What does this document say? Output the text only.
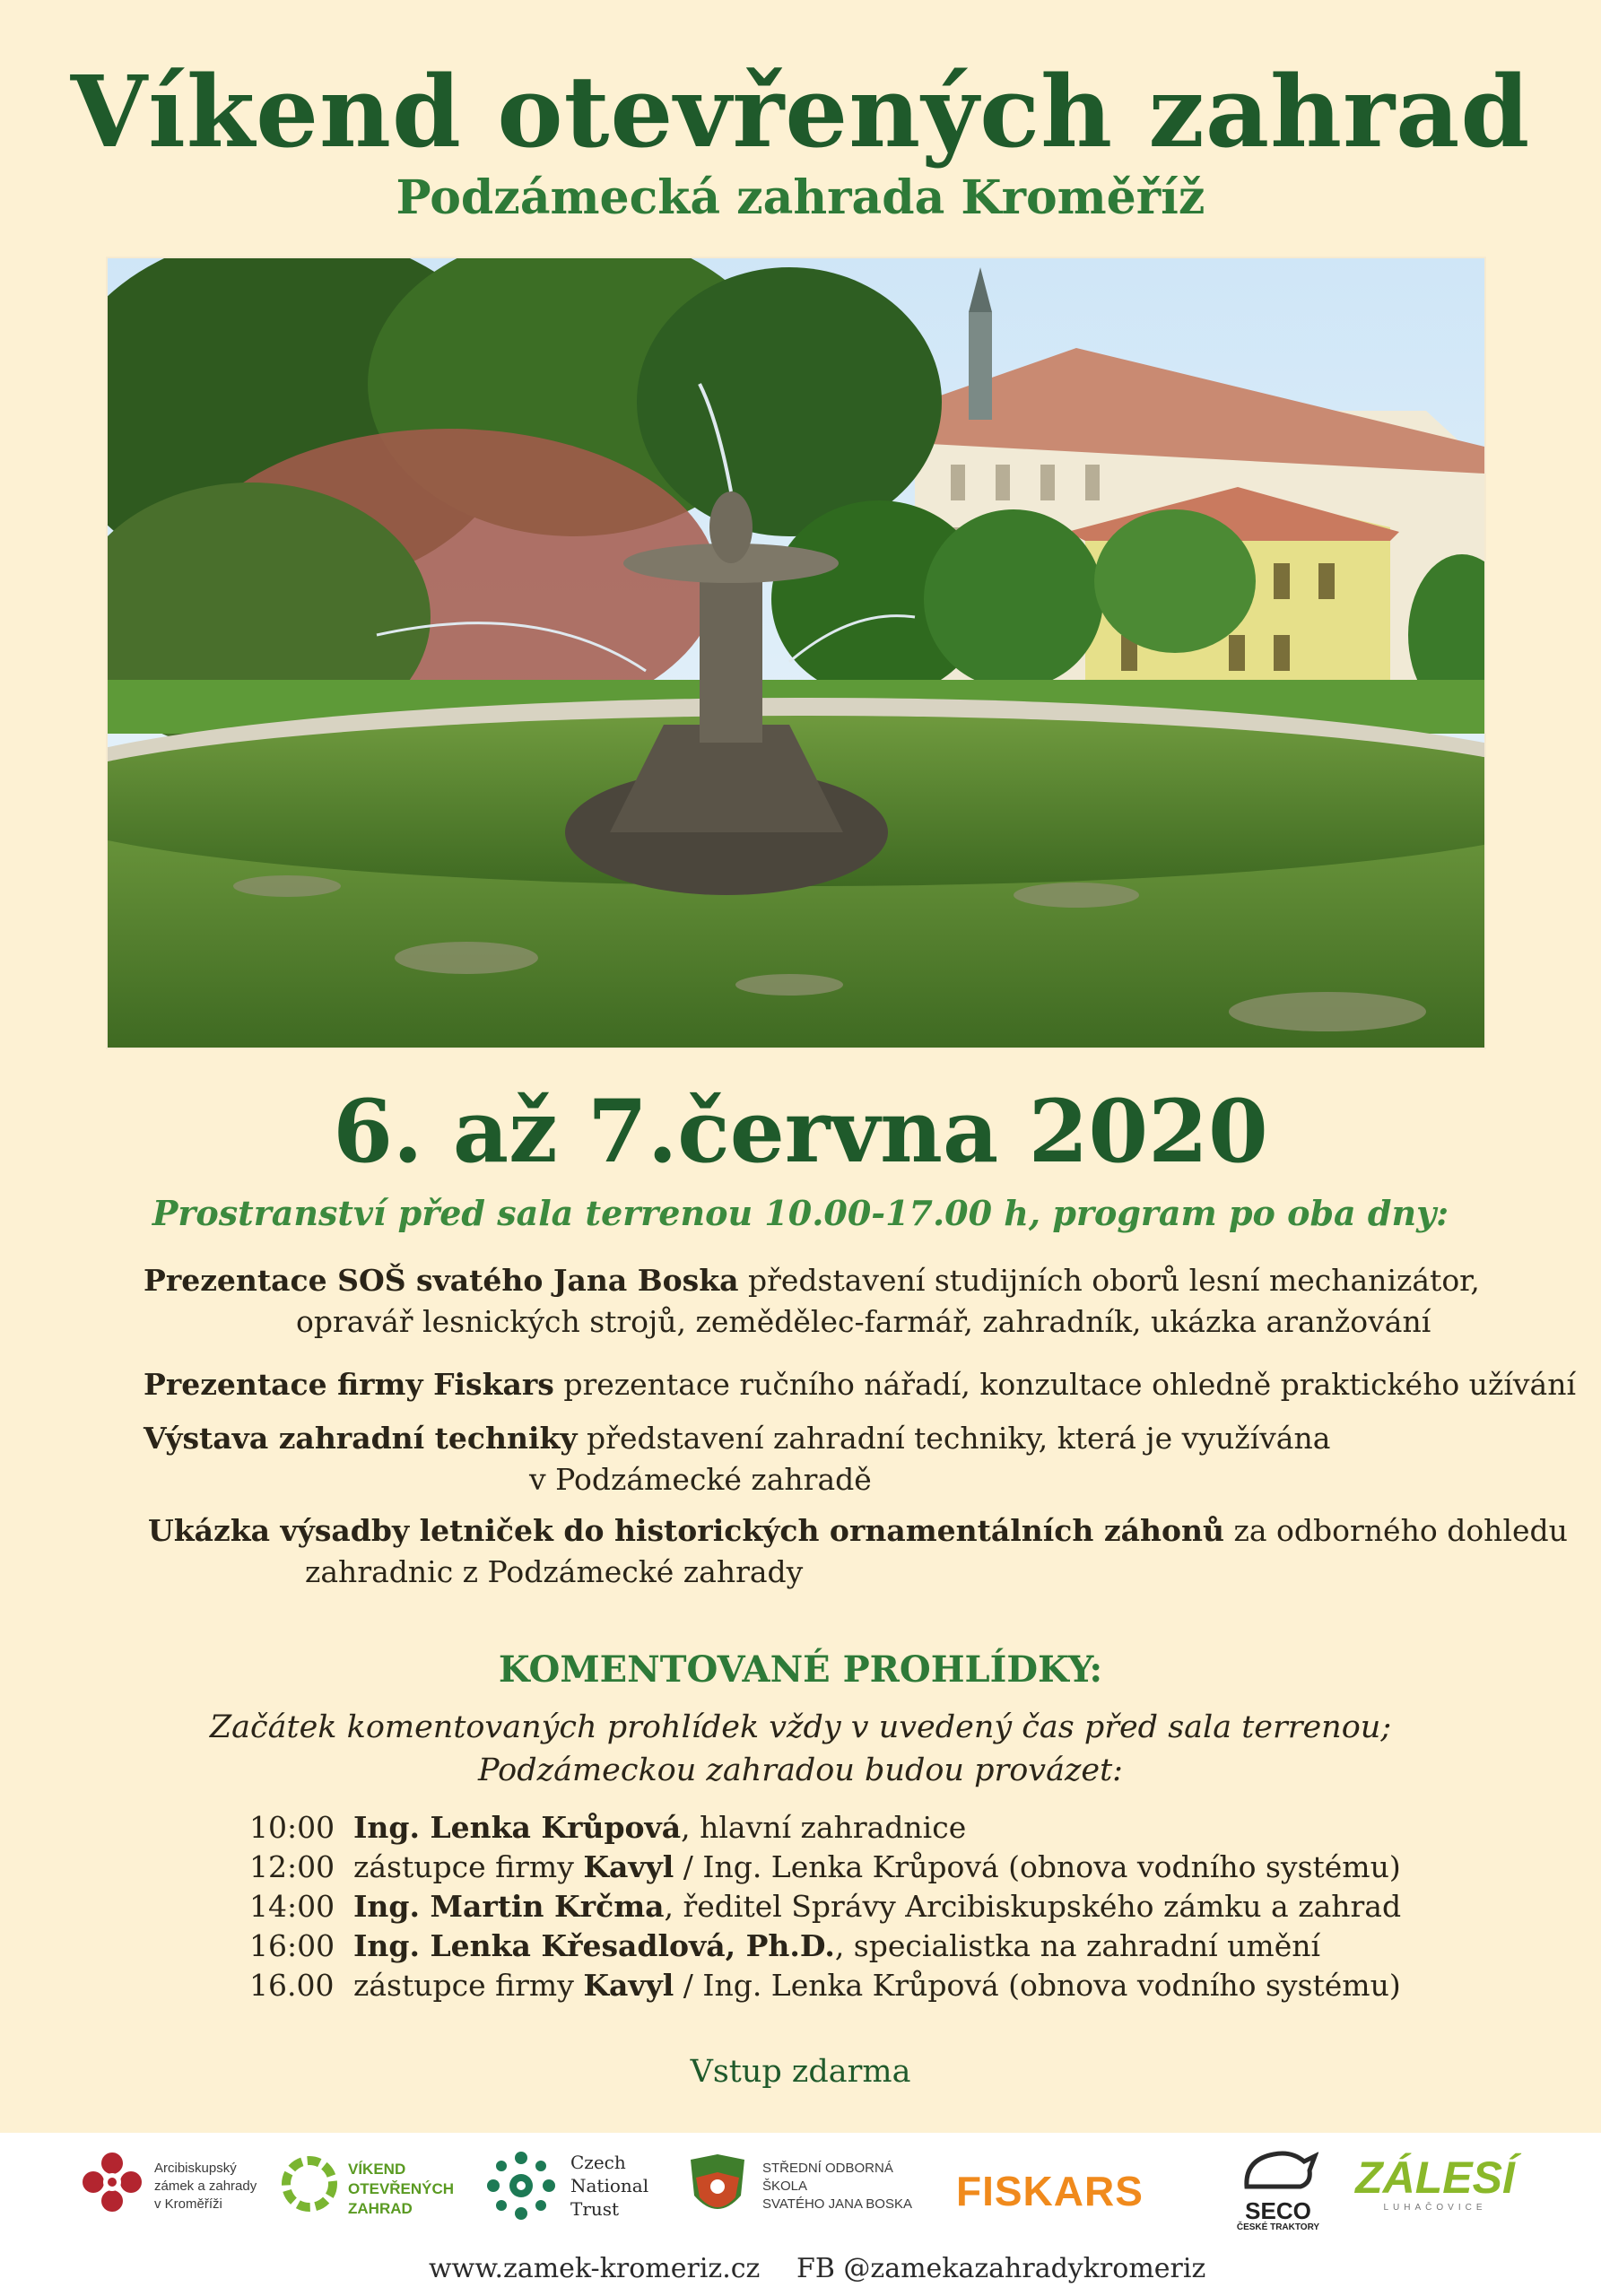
Víkend otevřených zahrad
Podzámecká zahrada Kroměříž
6. až 7.června 2020
Prostranství před sala terrenou 10.00-17.00 h, program po oba dny:
Prezentace SOŠ svatého Jana Boska představení studijních oborů lesní mechanizátor,
opravář lesnických strojů, zemědělec-farmář, zahradník, ukázka aranžování
Prezentace firmy Fiskars prezentace ručního nářadí, konzultace ohledně praktického užívání
Výstava zahradní techniky představení zahradní techniky, která je využívána
v Podzámecké zahradě
Ukázka výsadby letniček do historických ornamentálních záhonů za odborného dohledu
zahradnic z Podzámecké zahrady
KOMENTOVANÉ PROHLÍDKY:
Začátek komentovaných prohlídek vždy v uvedený čas před sala terrenou;
Podzámeckou zahradou budou provázet:
10:00 Ing. Lenka Krůpová, hlavní zahradnice
12:00 zástupce firmy Kavyl / Ing. Lenka Krůpová (obnova vodního systému)
14:00 Ing. Martin Krčma, ředitel Správy Arcibiskupského zámku a zahrad
16:00 Ing. Lenka Křesadlová, Ph.D., specialistka na zahradní umění
16.00 zástupce firmy Kavyl / Ing. Lenka Krůpová (obnova vodního systému)
Vstup zdarma
Arcibiskupský
zámek a zahrady
v Kroměříži
VÍKEND
OTEVŘENÝCH
ZAHRAD
Czech
National
Trust
STŘEDNÍ ODBORNÁ
ŠKOLA
SVATÉHO JANA BOSKA	FISKARS	SECO
ČESKÉ TRAKTORY
ZÁLESÍ
LUHAČOVICE
www.zamek-kromeriz.cz FB @zamekazahradykromeriz
